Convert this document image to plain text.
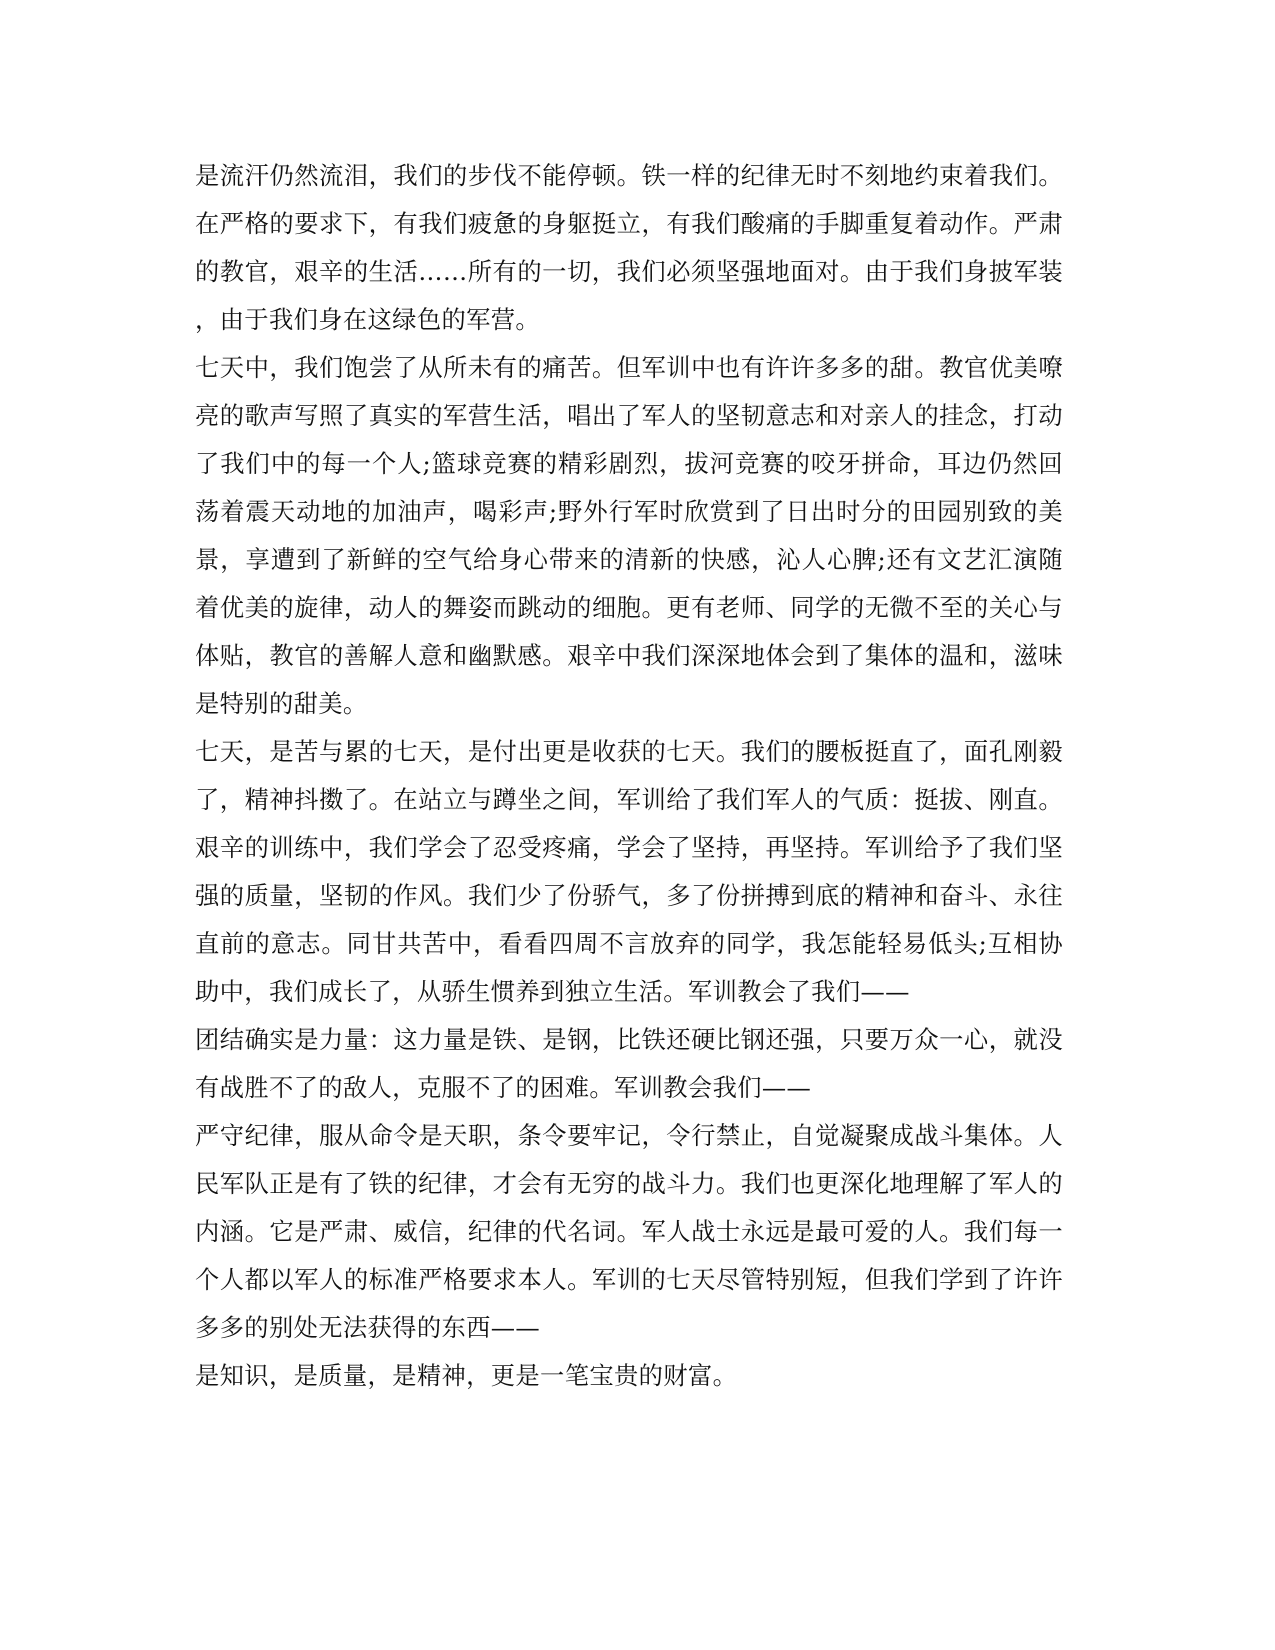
是流汗仍然流泪，我们的步伐不能停顿。铁一样的纪律无时不刻地约束着我们。
在严格的要求下，有我们疲惫的身躯挺立，有我们酸痛的手脚重复着动作。严肃
的教官，艰辛的生活……所有的一切，我们必须坚强地面对。由于我们身披军装
，由于我们身在这绿色的军营。
七天中，我们饱尝了从所未有的痛苦。但军训中也有许许多多的甜。教官优美嘹
亮的歌声写照了真实的军营生活，唱出了军人的坚韧意志和对亲人的挂念，打动
了我们中的每一个人;篮球竞赛的精彩剧烈，拔河竞赛的咬牙拼命，耳边仍然回
荡着震天动地的加油声，喝彩声;野外行军时欣赏到了日出时分的田园别致的美
景，享遭到了新鲜的空气给身心带来的清新的快感，沁人心脾;还有文艺汇演随
着优美的旋律，动人的舞姿而跳动的细胞。更有老师、同学的无微不至的关心与
体贴，教官的善解人意和幽默感。艰辛中我们深深地体会到了集体的温和，滋味
是特别的甜美。
七天，是苦与累的七天，是付出更是收获的七天。我们的腰板挺直了，面孔刚毅
了，精神抖擞了。在站立与蹲坐之间，军训给了我们军人的气质：挺拔、刚直。
艰辛的训练中，我们学会了忍受疼痛，学会了坚持，再坚持。军训给予了我们坚
强的质量，坚韧的作风。我们少了份骄气，多了份拼搏到底的精神和奋斗、永往
直前的意志。同甘共苦中，看看四周不言放弃的同学，我怎能轻易低头;互相协
助中，我们成长了，从骄生惯养到独立生活。军训教会了我们——
团结确实是力量：这力量是铁、是钢，比铁还硬比钢还强，只要万众一心，就没
有战胜不了的敌人，克服不了的困难。军训教会我们——
严守纪律，服从命令是天职，条令要牢记，令行禁止，自觉凝聚成战斗集体。人
民军队正是有了铁的纪律，才会有无穷的战斗力。我们也更深化地理解了军人的
内涵。它是严肃、威信，纪律的代名词。军人战士永远是最可爱的人。我们每一
个人都以军人的标准严格要求本人。军训的七天尽管特别短，但我们学到了许许
多多的别处无法获得的东西——
是知识，是质量，是精神，更是一笔宝贵的财富。
